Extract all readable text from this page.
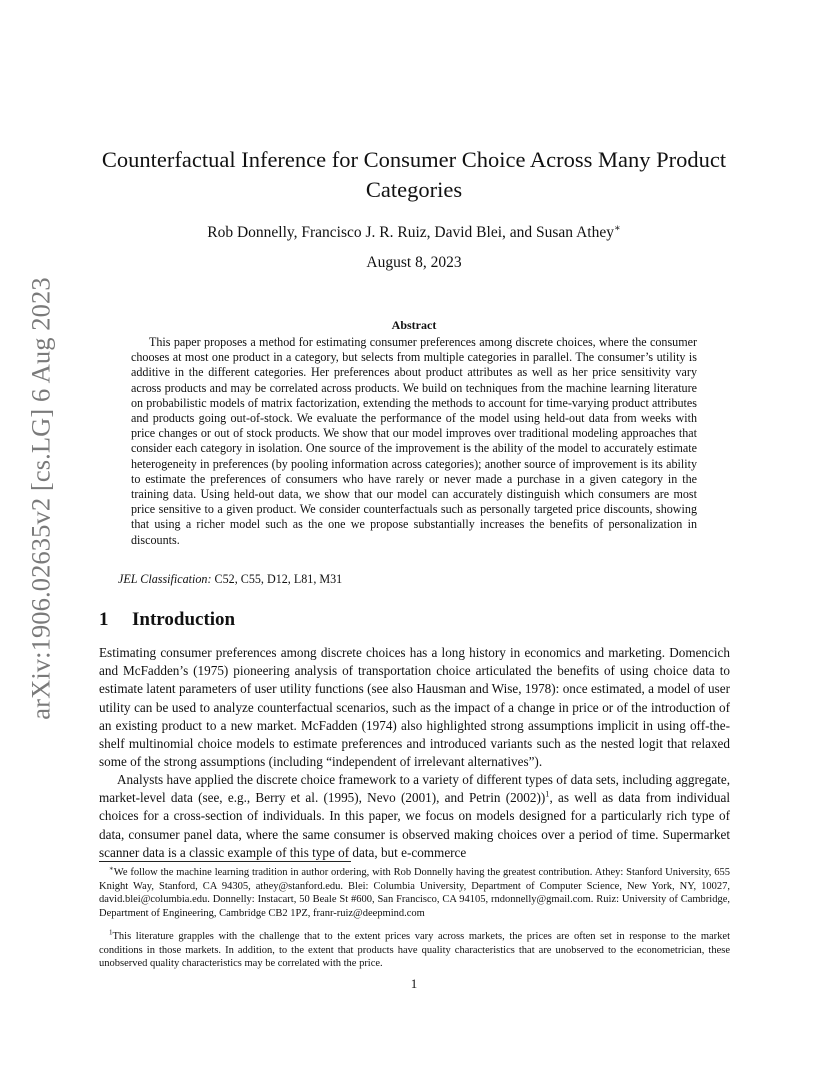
arXiv:1906.02635v2 [cs.LG] 6 Aug 2023
Counterfactual Inference for Consumer Choice Across Many Product Categories
Rob Donnelly, Francisco J. R. Ruiz, David Blei, and Susan Athey∗
August 8, 2023
Abstract

This paper proposes a method for estimating consumer preferences among discrete choices, where the consumer chooses at most one product in a category, but selects from multiple categories in parallel. The consumer’s utility is additive in the different categories. Her preferences about product attributes as well as her price sensitivity vary across products and may be correlated across products. We build on techniques from the machine learning literature on probabilistic models of matrix factorization, extending the methods to account for time-varying product attributes and products going out-of-stock. We evaluate the performance of the model using held-out data from weeks with price changes or out of stock products. We show that our model improves over traditional modeling approaches that consider each category in isolation. One source of the improvement is the ability of the model to accurately estimate heterogeneity in preferences (by pooling information across categories); another source of improvement is its ability to estimate the preferences of consumers who have rarely or never made a purchase in a given category in the training data. Using held-out data, we show that our model can accurately distinguish which consumers are most price sensitive to a given product. We consider counterfactuals such as personally targeted price discounts, showing that using a richer model such as the one we propose substantially increases the benefits of personalization in discounts.

JEL Classification: C52, C55, D12, L81, M31
1 Introduction

Estimating consumer preferences among discrete choices has a long history in economics and marketing. Domencich and McFadden’s (1975) pioneering analysis of transportation choice articulated the benefits of using choice data to estimate latent parameters of user utility functions (see also Hausman and Wise, 1978): once estimated, a model of user utility can be used to analyze counterfactual scenarios, such as the impact of a change in price or of the introduction of an existing product to a new market. McFadden (1974) also highlighted strong assumptions implicit in using off-the-shelf multinomial choice models to estimate preferences and introduced variants such as the nested logit that relaxed some of the strong assumptions (including “independent of irrelevant alternatives”).

Analysts have applied the discrete choice framework to a variety of different types of data sets, including aggregate, market-level data (see, e.g., Berry et al. (1995), Nevo (2001), and Petrin (2002))$^1$, as well as data from individual choices for a cross-section of individuals. In this paper, we focus on models designed for a particularly rich type of data, consumer panel data, where the same consumer is observed making choices over a period of time. Supermarket scanner data is a classic example of this type of data, but e-commerce

∗We follow the machine learning tradition in author ordering, with Rob Donnelly having the greatest contribution. Athey: Stanford University, 655 Knight Way, Stanford, CA 94305, athey@stanford.edu. Blei: Columbia University, Department of Computer Science, New York, NY, 10027, david.blei@columbia.edu. Donnelly: Instacart, 50 Beale St #600, San Francisco, CA 94105, rndonnelly@gmail.com. Ruiz: University of Cambridge, Department of Engineering, Cambridge CB2 1PZ, franr-ruiz@deepmind.com

$^1$This literature grapples with the challenge that to the extent prices vary across markets, the prices are often set in response to the market conditions in those markets. In addition, to the extent that products have quality characteristics that are unobserved to the econometrician, these unobserved quality characteristics may be correlated with the price.

1
